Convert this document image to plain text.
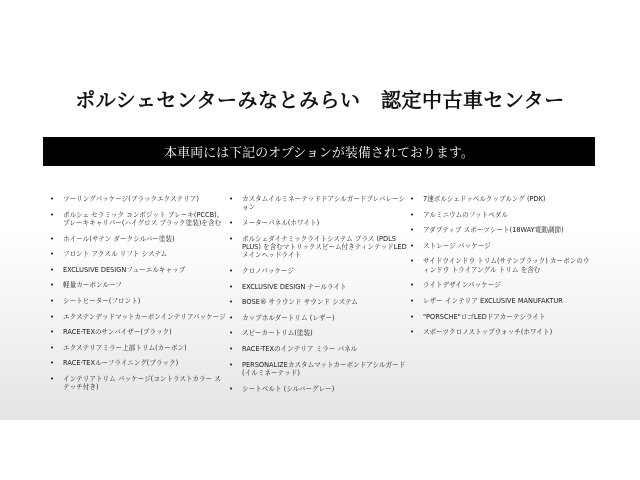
ポルシェセンターみなとみらい　認定中古車センター
本車両には下記のオプションが装備されております。
• ツーリングパッケージ(ブラックエクステリア)
• ポルシェ セラミック コンポジット ブレーキ(PCCB)、ブレーキキャリパー(ハイグロス ブラック塗装)を含む
• ホイール(サテン ダークシルバー塗装)
• フロント アクスル リフト システム
• EXCLUSIVE DESIGNフューエルキャップ
• 軽量カーボンルーフ
• シートヒーター(フロント)
• エクステンデッドマットカーボンインテリアパッケージ
• RACE-TEXのサンバイザー(ブラック)
• エクステリアミラー上部トリム(カーボン)
• RACE-TEXルーフライニング(ブラック)
• インテリアトリム パッケージ(コントラストカラー ステッチ付き)
• カスタムイルミネーテッドドアシルガードプレパレーション
• メーターパネル(ホワイト)
• ポルシェダイナミックライトシステム プラス (PDLS PLUS) を含むマトリックスビーム付きティンテッドLEDメインヘッドライト
• クロノパッケージ
• EXCLUSIVE DESIGN テールライト
• BOSE® サラウンド サウンド システム
• カップホルダートリム (レザー)
• スピーカートリム(塗装)
• RACE-TEXのインテリア ミラー パネル
• PERSONALIZEカスタムマットカーボンドアシルガード (イルミネーテッド)
• シートベルト (シルバーグレー)
• 7速ポルシェドッペルクップルング (PDK)
• アルミニウムのフットペダル
• アダプティブ スポーツシート(18WAY電動調節)
• ストレージ パッケージ
• サイドウインドウ トリム(サテンブラック) カーボンのウィンドウ トライアングル トリム を含む
• ライトデザインパッケージ
• レザー インテリア EXCLUSIVE MANUFAKTUR
• "PORSCHE"ロゴLEDドアカーテシライト
• スポーツクロノストップウォッチ(ホワイト)
